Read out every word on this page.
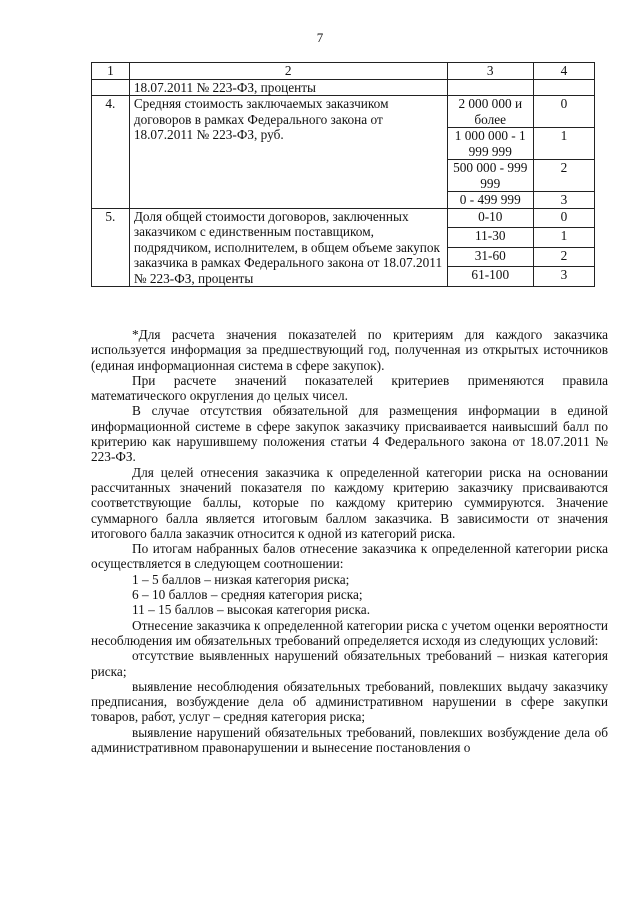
7
1	2	3	4
	18.07.2011 № 223-ФЗ, проценты		
4.	Средняя стоимость заключаемых заказчиком договоров в рамках Федерального закона от 18.07.2011 № 223-ФЗ, руб.	2 000 000 и более	0
		1 000 000 - 1 999 999	1
		500 000 - 999 999	2
		0 - 499 999	3
5.	Доля общей стоимости договоров, заключенных заказчиком с единственным поставщиком, подрядчиком, исполнителем, в общем объеме закупок заказчика в рамках Федерального закона от 18.07.2011 № 223-ФЗ, проценты	0-10	0
		11-30	1
		31-60	2
		61-100	3

*Для расчета значения показателей по критериям для каждого заказчика используется информация за предшествующий год, полученная из открытых источников (единая информационная система в сфере закупок).

При расчете значений показателей критериев применяются правила математического округления до целых чисел.

В случае отсутствия обязательной для размещения информации в единой информационной системе в сфере закупок заказчику присваивается наивысший балл по критерию как нарушившему положения статьи 4 Федерального закона от 18.07.2011 № 223-ФЗ.

Для целей отнесения заказчика к определенной категории риска на основании рассчитанных значений показателя по каждому критерию заказчику присваиваются соответствующие баллы, которые по каждому критерию суммируются. Значение суммарного балла является итоговым баллом заказчика. В зависимости от значения итогового балла заказчик относится к одной из категорий риска.

По итогам набранных балов отнесение заказчика к определенной категории риска осуществляется в следующем соотношении:

1 – 5 баллов – низкая категория риска;

6 – 10 баллов – средняя категория риска;

11 – 15 баллов – высокая категория риска.

Отнесение заказчика к определенной категории риска с учетом оценки вероятности несоблюдения им обязательных требований определяется исходя из следующих условий:

отсутствие выявленных нарушений обязательных требований – низкая категория риска;

выявление несоблюдения обязательных требований, повлекших выдачу заказчику предписания, возбуждение дела об административном нарушении в сфере закупки товаров, работ, услуг – средняя категория риска;

выявление нарушений обязательных требований, повлекших возбуждение дела об административном правонарушении и вынесение постановления о
